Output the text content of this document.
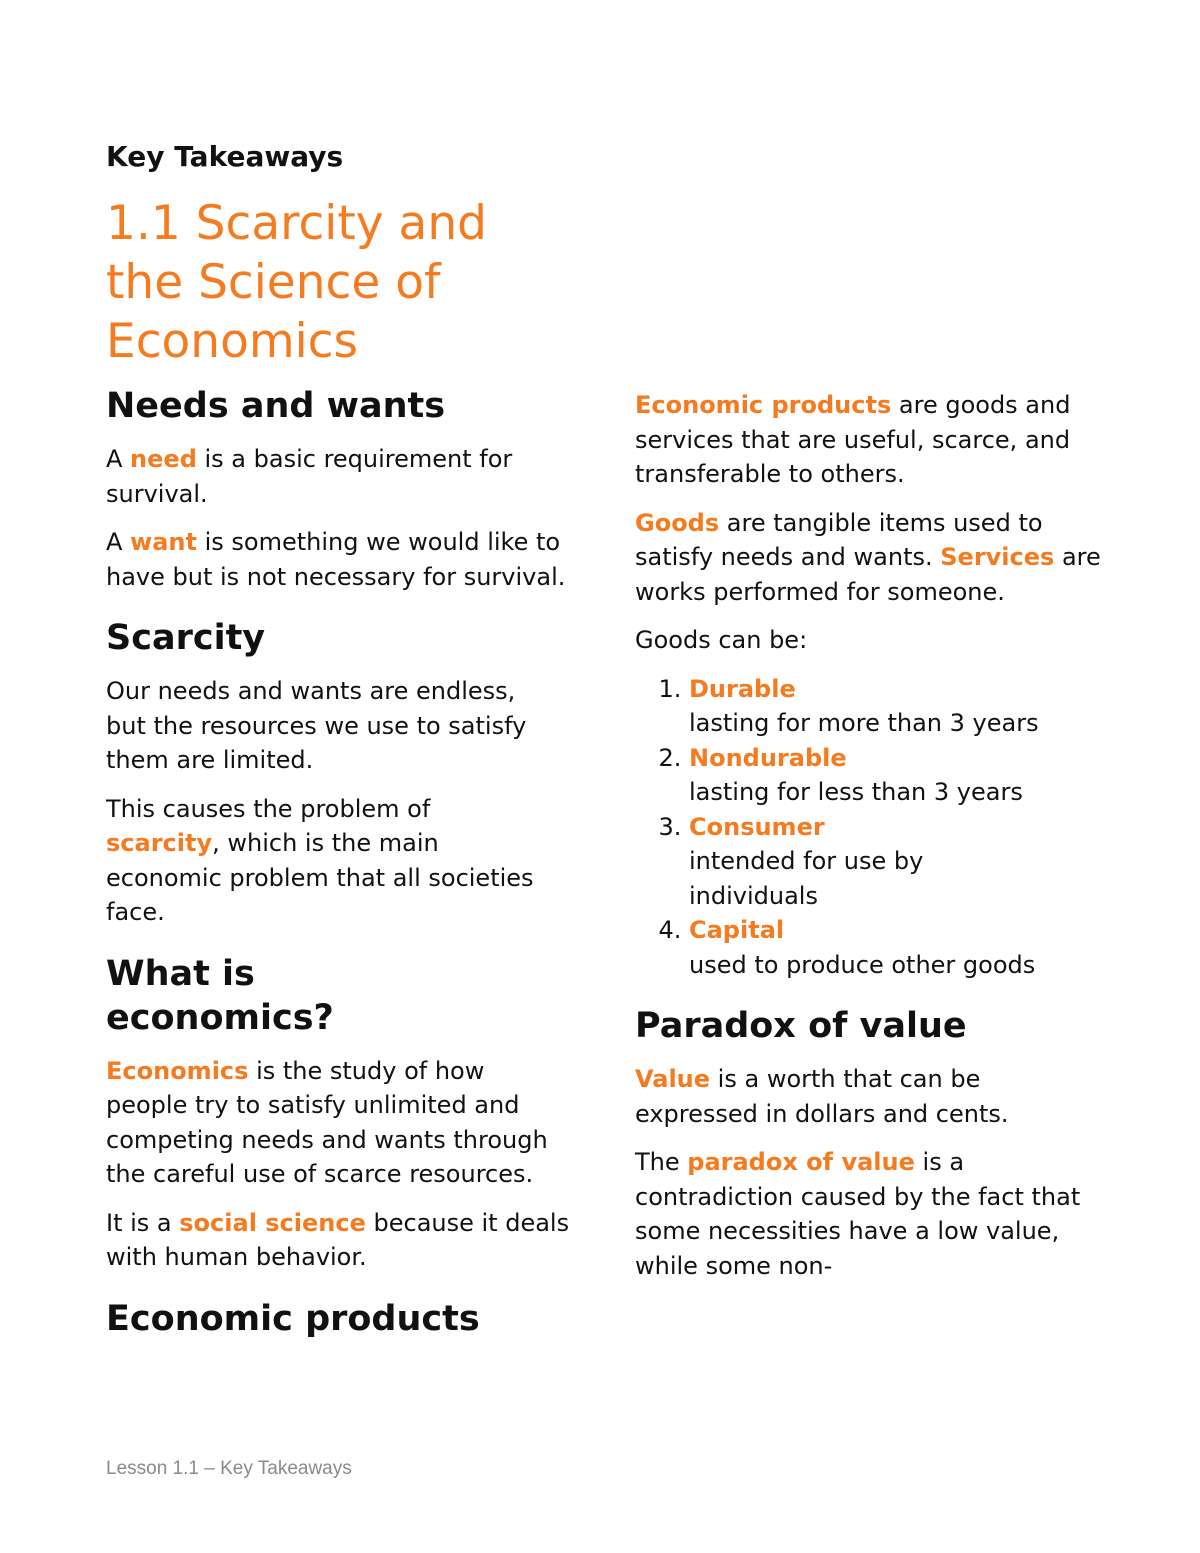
Key Takeaways

1.1 Scarcity and the Science of Economics
Needs and wants

A need is a basic requirement for survival.

A want is something we would like to have but is not necessary for survival.

Scarcity

Our needs and wants are endless, but the resources we use to satisfy them are limited.

This causes the problem of scarcity, which is the main economic problem that all societies face.

What is economics?

Economics is the study of how people try to satisfy unlimited and competing needs and wants through the careful use of scarce resources.

It is a social science because it deals with human behavior.

Economic products

Economic products are goods and services that are useful, scarce, and transferable to others.

Goods are tangible items used to satisfy needs and wants. Services are works performed for someone.

Goods can be:

1. Durable
lasting for more than 3 years
2. Nondurable
lasting for less than 3 years
3. Consumer
intended for use by individuals
4. Capital
used to produce other goods
Paradox of value

Value is a worth that can be expressed in dollars and cents.

The paradox of value is a contradiction caused by the fact that some necessities have a low value, while some non-

Lesson 1.1 – Key Takeaways
